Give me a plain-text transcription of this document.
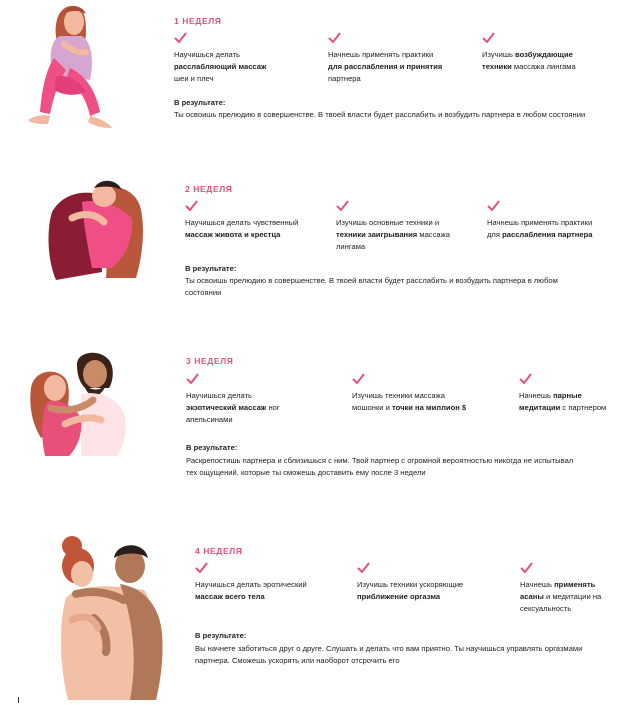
1 НЕДЕЛЯ
Научишься делать
расслабляющий массаж
шеи и плеч
Начнешь применять практики для расслабления и принятия партнера
Изучишь возбуждающие техники массажа лингама
В результате:
Ты освоишь прелюдию в совершенстве. В твоей власти будет расслабить и возбудить партнера в любом состоянии
2 НЕДЕЛЯ
Научишься делать чувственный массаж живота и крестца
Изучишь основные техники и техники заигрывания массажа лингама
Начнешь применять практики для расслабления партнера
В результате:
Ты освоишь прелюдию в совершенстве. В твоей власти будет расслабить и возбудить партнера в любом состоянии
3 НЕДЕЛЯ
Научишься делать
экзотический массаж ног апельсинами
Изучишь техники массажа мошонки и точки на миллион $
Начнешь парные медитации с партнером
В результате:
Раскрепостишь партнера и сблизишься с ним. Твой партнер с огромной вероятностью никогда не испытывал тех ощущений, которые ты сможешь доставить ему после 3 недели
4 НЕДЕЛЯ
Научишься делать эротический массаж всего тела
Изучишь техники ускоряющие приближение оргазма
Начнешь применять асаны и медитации на сексуальность
В результате:
Вы начнете заботиться друг о друге. Слушать и делать что вам приятно. Ты научишься управлять оргазмами партнера. Сможешь ускорять или наоборот отсрочить его
